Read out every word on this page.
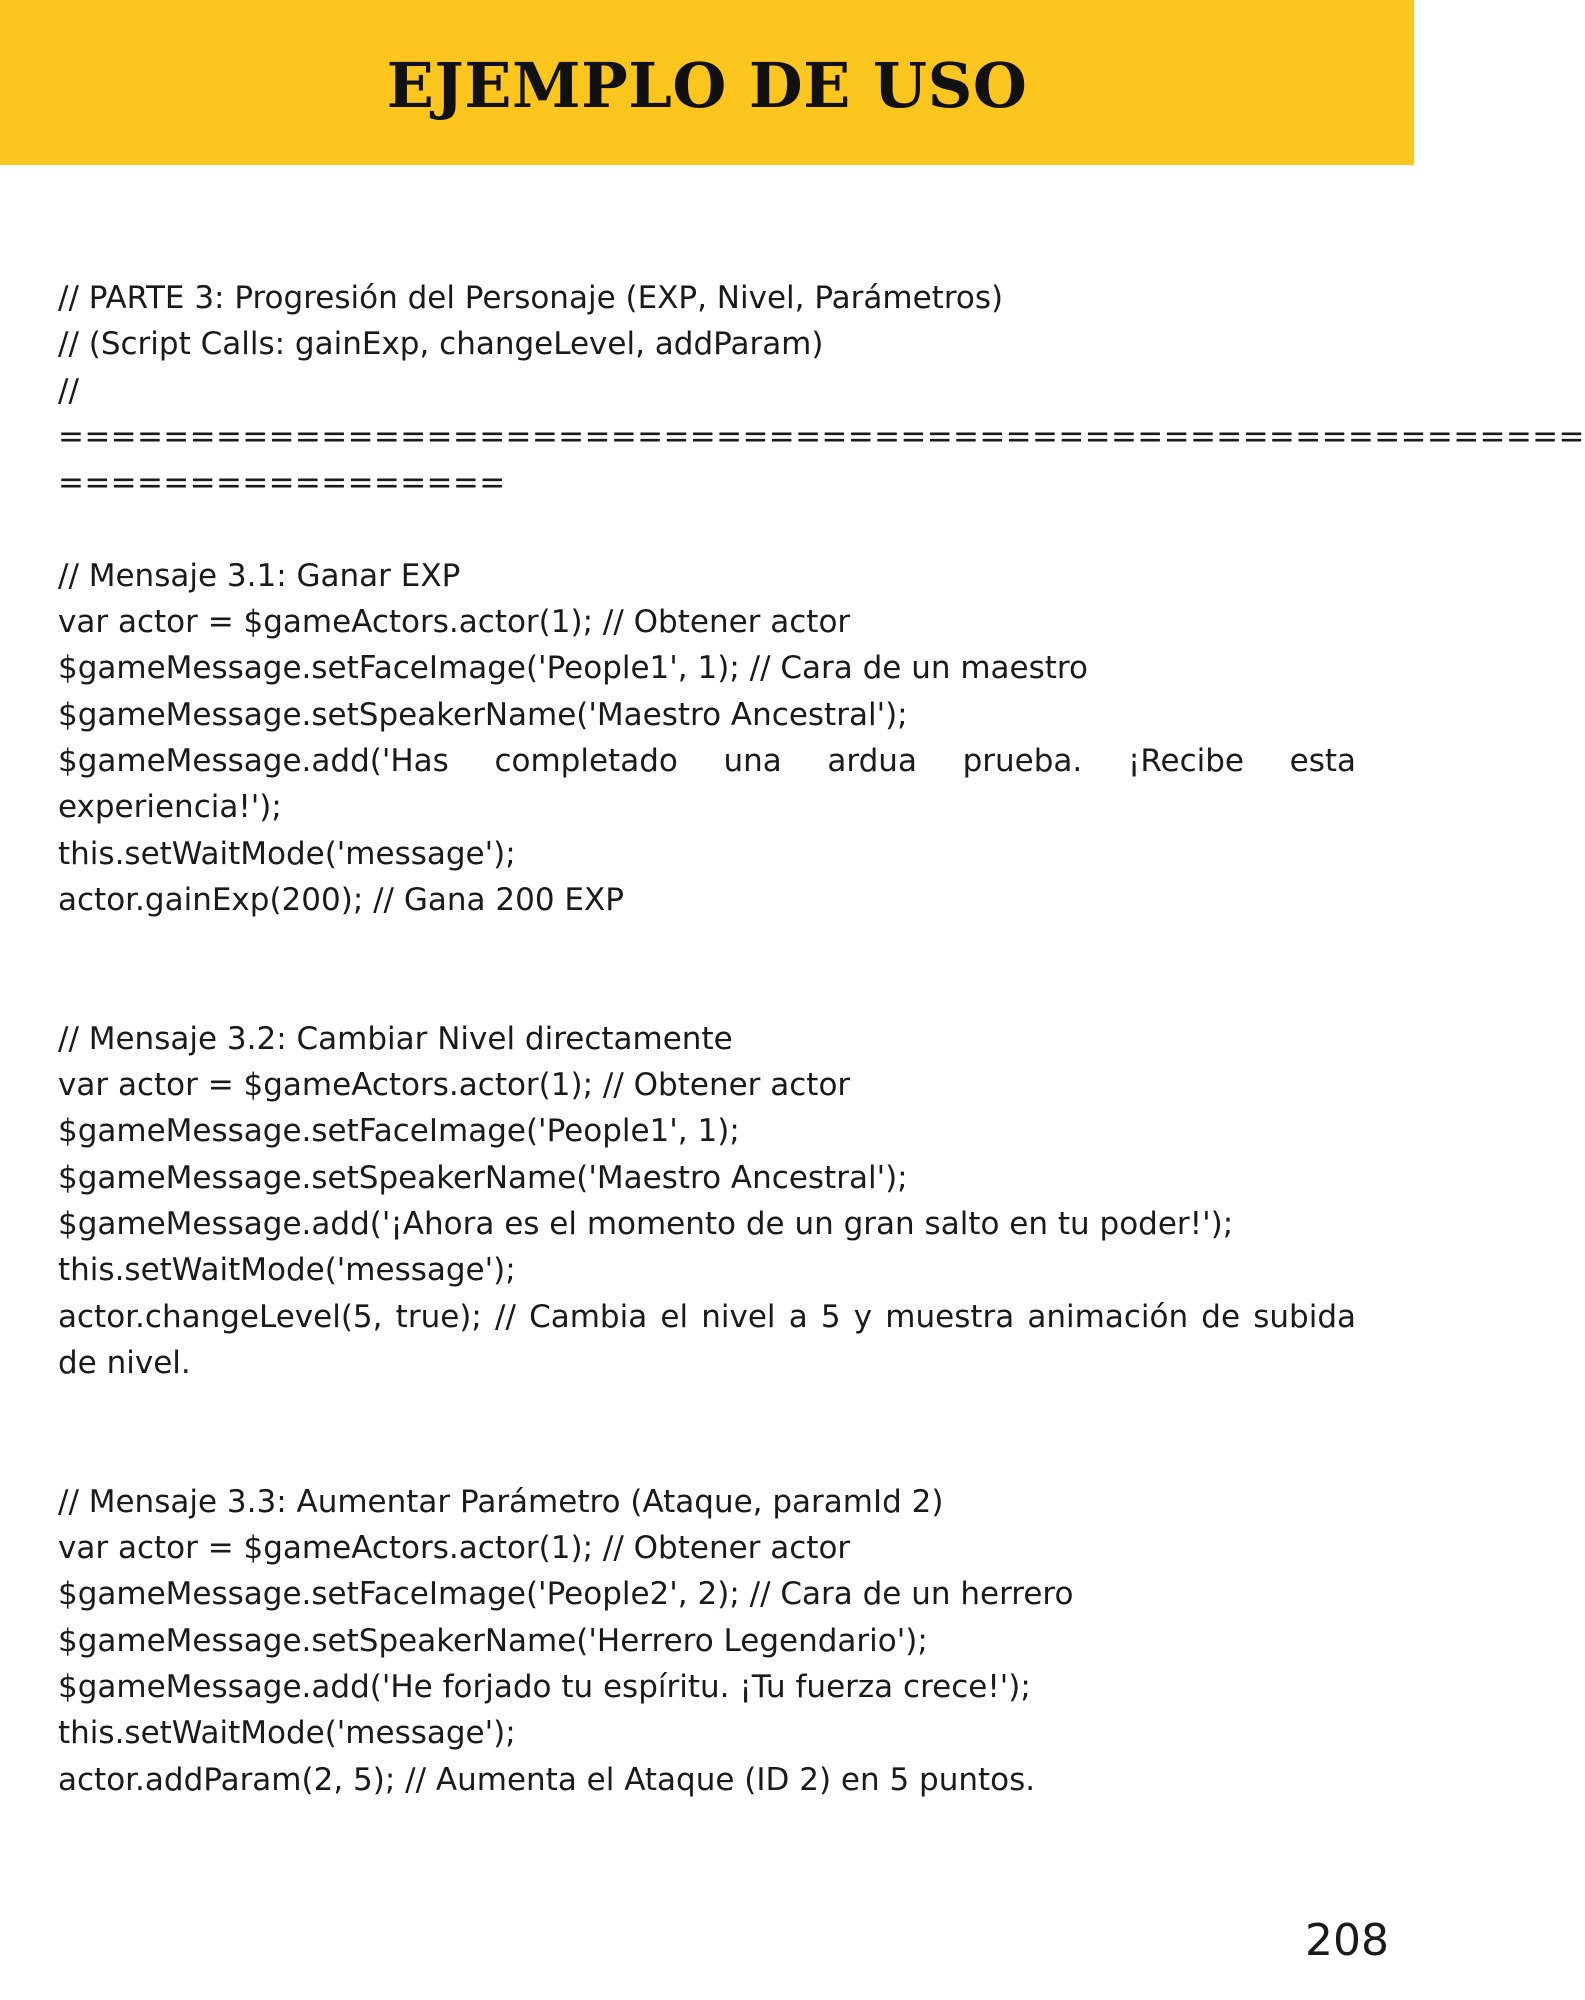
EJEMPLO DE USO
// PARTE 3: Progresión del Personaje (EXP, Nivel, Parámetros)
// (Script Calls: gainExp, changeLevel, addParam)
//
==========================================================
=================
// Mensaje 3.1: Ganar EXP
var actor = $gameActors.actor(1); // Obtener actor
$gameMessage.setFaceImage('People1', 1); // Cara de un maestro
$gameMessage.setSpeakerName('Maestro Ancestral');
$gameMessage.add('Has completado una ardua prueba. ¡Recibe esta experiencia!');
this.setWaitMode('message');
actor.gainExp(200); // Gana 200 EXP
// Mensaje 3.2: Cambiar Nivel directamente
var actor = $gameActors.actor(1); // Obtener actor
$gameMessage.setFaceImage('People1', 1);
$gameMessage.setSpeakerName('Maestro Ancestral');
$gameMessage.add('¡Ahora es el momento de un gran salto en tu poder!');
this.setWaitMode('message');
actor.changeLevel(5, true); // Cambia el nivel a 5 y muestra animación de subida de nivel.
// Mensaje 3.3: Aumentar Parámetro (Ataque, paramId 2)
var actor = $gameActors.actor(1); // Obtener actor
$gameMessage.setFaceImage('People2', 2); // Cara de un herrero
$gameMessage.setSpeakerName('Herrero Legendario');
$gameMessage.add('He forjado tu espíritu. ¡Tu fuerza crece!');
this.setWaitMode('message');
actor.addParam(2, 5); // Aumenta el Ataque (ID 2) en 5 puntos.
208
